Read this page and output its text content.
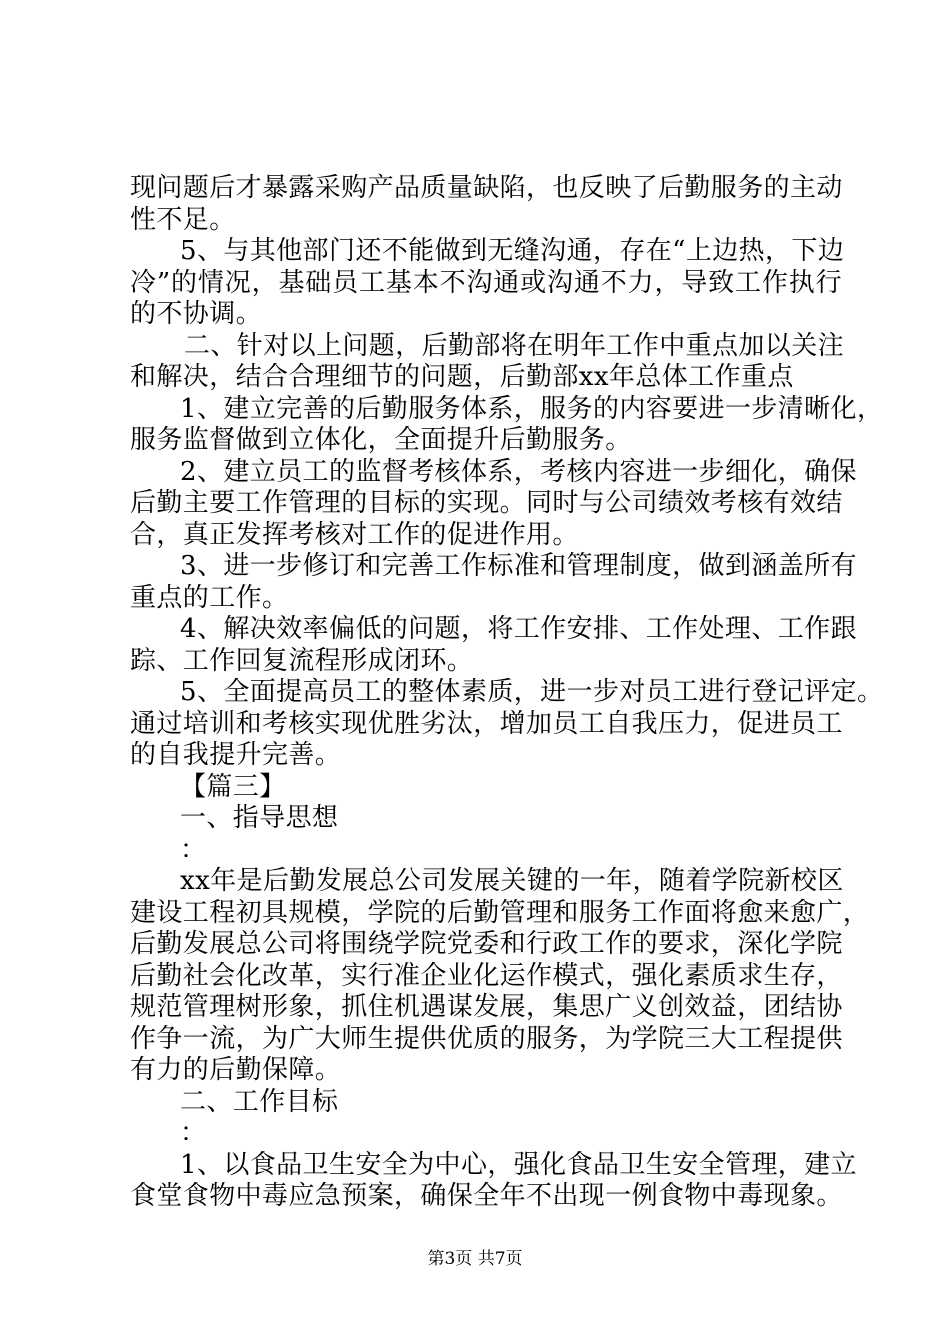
现问题后才暴露采购产品质量缺陷，也反映了后勤服务的主动
性不足。
5、与其他部门还不能做到无缝沟通，存在“上边热，下边
冷”的情况，基础员工基本不沟通或沟通不力，导致工作执行
的不协调。
二、针对以上问题，后勤部将在明年工作中重点加以关注
和解决，结合合理细节的问题，后勤部xx年总体工作重点
1、建立完善的后勤服务体系，服务的内容要进一步清晰化，
服务监督做到立体化，全面提升后勤服务。
2、建立员工的监督考核体系，考核内容进一步细化，确保
后勤主要工作管理的目标的实现。同时与公司绩效考核有效结
合，真正发挥考核对工作的促进作用。
3、进一步修订和完善工作标准和管理制度，做到涵盖所有
重点的工作。
4、解决效率偏低的问题，将工作安排、工作处理、工作跟
踪、工作回复流程形成闭环。
5、全面提高员工的整体素质，进一步对员工进行登记评定。
通过培训和考核实现优胜劣汰，增加员工自我压力，促进员工
的自我提升完善。
【篇三】
一、指导思想
：
xx年是后勤发展总公司发展关键的一年，随着学院新校区
建设工程初具规模，学院的后勤管理和服务工作面将愈来愈广，
后勤发展总公司将围绕学院党委和行政工作的要求，深化学院
后勤社会化改革，实行准企业化运作模式，强化素质求生存，
规范管理树形象，抓住机遇谋发展，集思广义创效益，团结协
作争一流，为广大师生提供优质的服务，为学院三大工程提供
有力的后勤保障。
二、工作目标
：
1、以食品卫生安全为中心，强化食品卫生安全管理，建立
食堂食物中毒应急预案，确保全年不出现一例食物中毒现象。
第3页 共7页
